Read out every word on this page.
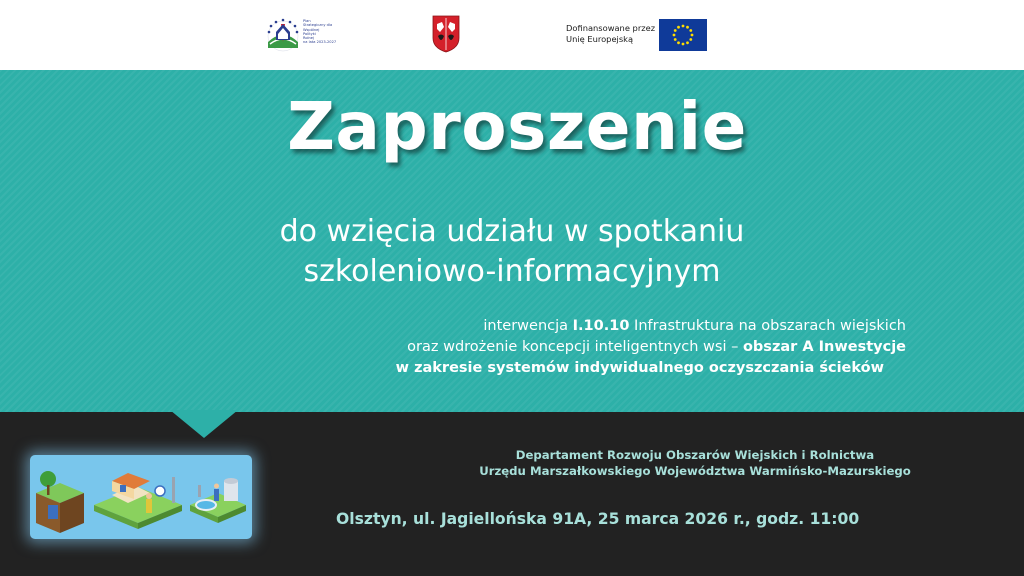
Plan
Strategiczny dla
Wspólnej
Polityki
Rolnej
na lata 2023-2027
Dofinansowane przez
Unię Europejską
Zaproszenie
do wzięcia udziału w spotkaniu
szkoleniowo-informacyjnym
interwencja I.10.10 Infrastruktura na obszarach wiejskich
oraz wdrożenie koncepcji inteligentnych wsi – obszar A Inwestycje
w zakresie systemów indywidualnego oczyszczania ścieków
Departament Rozwoju Obszarów Wiejskich i Rolnictwa
Urzędu Marszałkowskiego Województwa Warmińsko-Mazurskiego
Olsztyn, ul. Jagiellońska 91A, 25 marca 2026 r., godz. 11:00
